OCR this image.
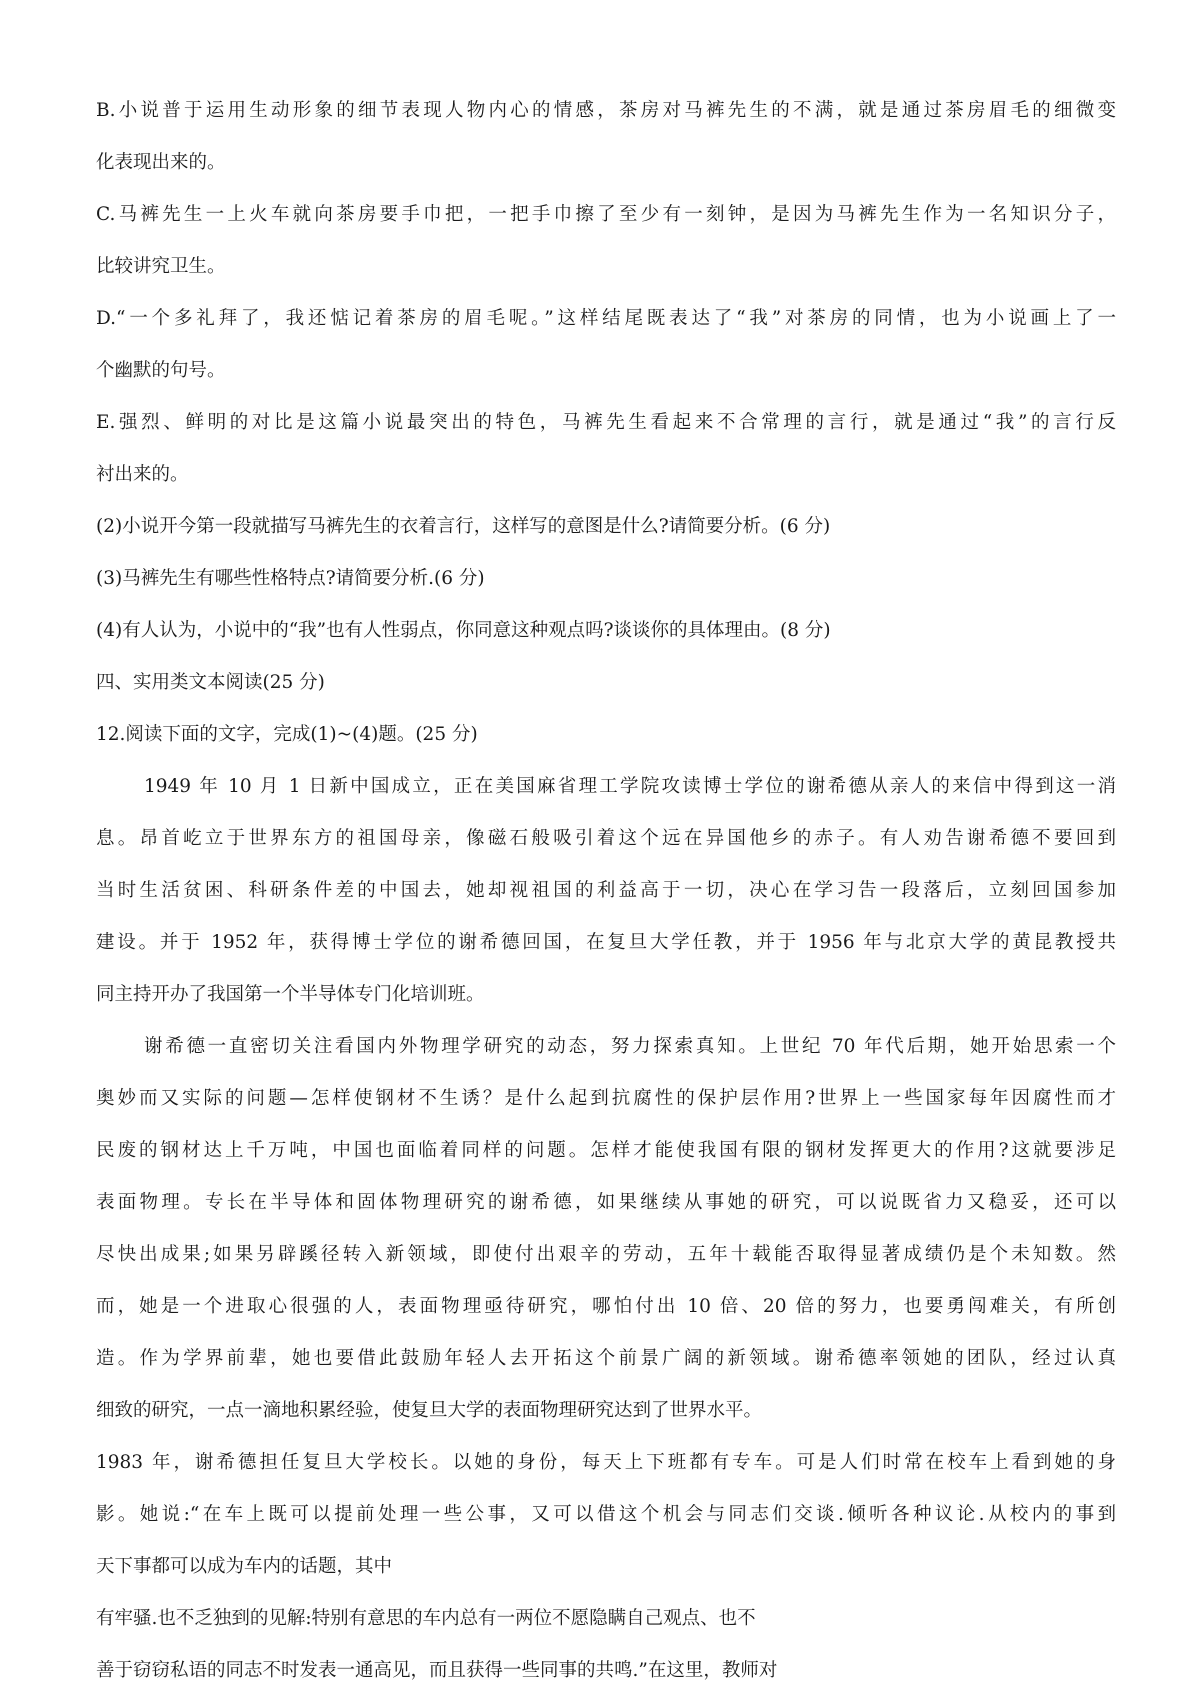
B.小说普于运用生动形象的细节表现人物内心的情感，茶房对马裤先生的不满，就是通过茶房眉毛的细微变
化表现出来的。
C.马裤先生一上火车就向茶房要手巾把，一把手巾擦了至少有一刻钟，是因为马裤先生作为一名知识分子，
比较讲究卫生。
D.“一个多礼拜了，我还惦记着茶房的眉毛呢。”这样结尾既表达了“我”对茶房的同情，也为小说画上了一
个幽默的句号。
E.强烈、鲜明的对比是这篇小说最突出的特色，马裤先生看起来不合常理的言行，就是通过“我”的言行反
衬出来的。
(2)小说开今第一段就描写马裤先生的衣着言行，这样写的意图是什么?请简要分析。(6 分)
(3)马裤先生有哪些性格特点?请简要分析.(6 分)
(4)有人认为，小说中的“我”也有人性弱点，你同意这种观点吗?谈谈你的具体理由。(8 分)
四、实用类文本阅读(25 分)
12.阅读下面的文字，完成(1)~(4)题。(25 分)
1949 年 10 月 1 日新中国成立，正在美国麻省理工学院攻读博士学位的谢希德从亲人的来信中得到这一消
息。昂首屹立于世界东方的祖国母亲，像磁石般吸引着这个远在异国他乡的赤子。有人劝告谢希德不要回到
当时生活贫困、科研条件差的中国去，她却视祖国的利益高于一切，决心在学习告一段落后，立刻回国参加
建设。并于 1952 年，获得博士学位的谢希德回国，在复旦大学任教，并于 1956 年与北京大学的黄昆教授共
同主持开办了我国第一个半导体专门化培训班。
谢希德一直密切关注看国内外物理学研究的动态，努力探索真知。上世纪 70 年代后期，她开始思索一个
奥妙而又实际的问题—怎样使钢材不生诱？是什么起到抗腐性的保护层作用?世界上一些国家每年因腐性而才
民废的钢材达上千万吨，中国也面临着同样的问题。怎样才能使我国有限的钢材发挥更大的作用?这就要涉足
表面物理。专长在半导体和固体物理研究的谢希德，如果继续从事她的研究，可以说既省力又稳妥，还可以
尽快出成果;如果另辟蹊径转入新领域，即使付出艰辛的劳动，五年十载能否取得显著成绩仍是个未知数。然
而，她是一个进取心很强的人，表面物理亟待研究，哪怕付出 10 倍、20 倍的努力，也要勇闯难关，有所创
造。作为学界前辈，她也要借此鼓励年轻人去开拓这个前景广阔的新领域。谢希德率领她的团队，经过认真
细致的研究，一点一滴地积累经验，使复旦大学的表面物理研究达到了世界水平。
1983 年，谢希德担任复旦大学校长。以她的身份，每天上下班都有专车。可是人们时常在校车上看到她的身
影。她说:“在车上既可以提前处理一些公事，又可以借这个机会与同志们交谈.倾听各种议论.从校内的事到
天下事都可以成为车内的话题，其中
有牢骚.也不乏独到的见解:特别有意思的车内总有一两位不愿隐瞒自己观点、也不
善于窃窃私语的同志不时发表一通高见，而且获得一些同事的共鸣.”在这里，教师对
